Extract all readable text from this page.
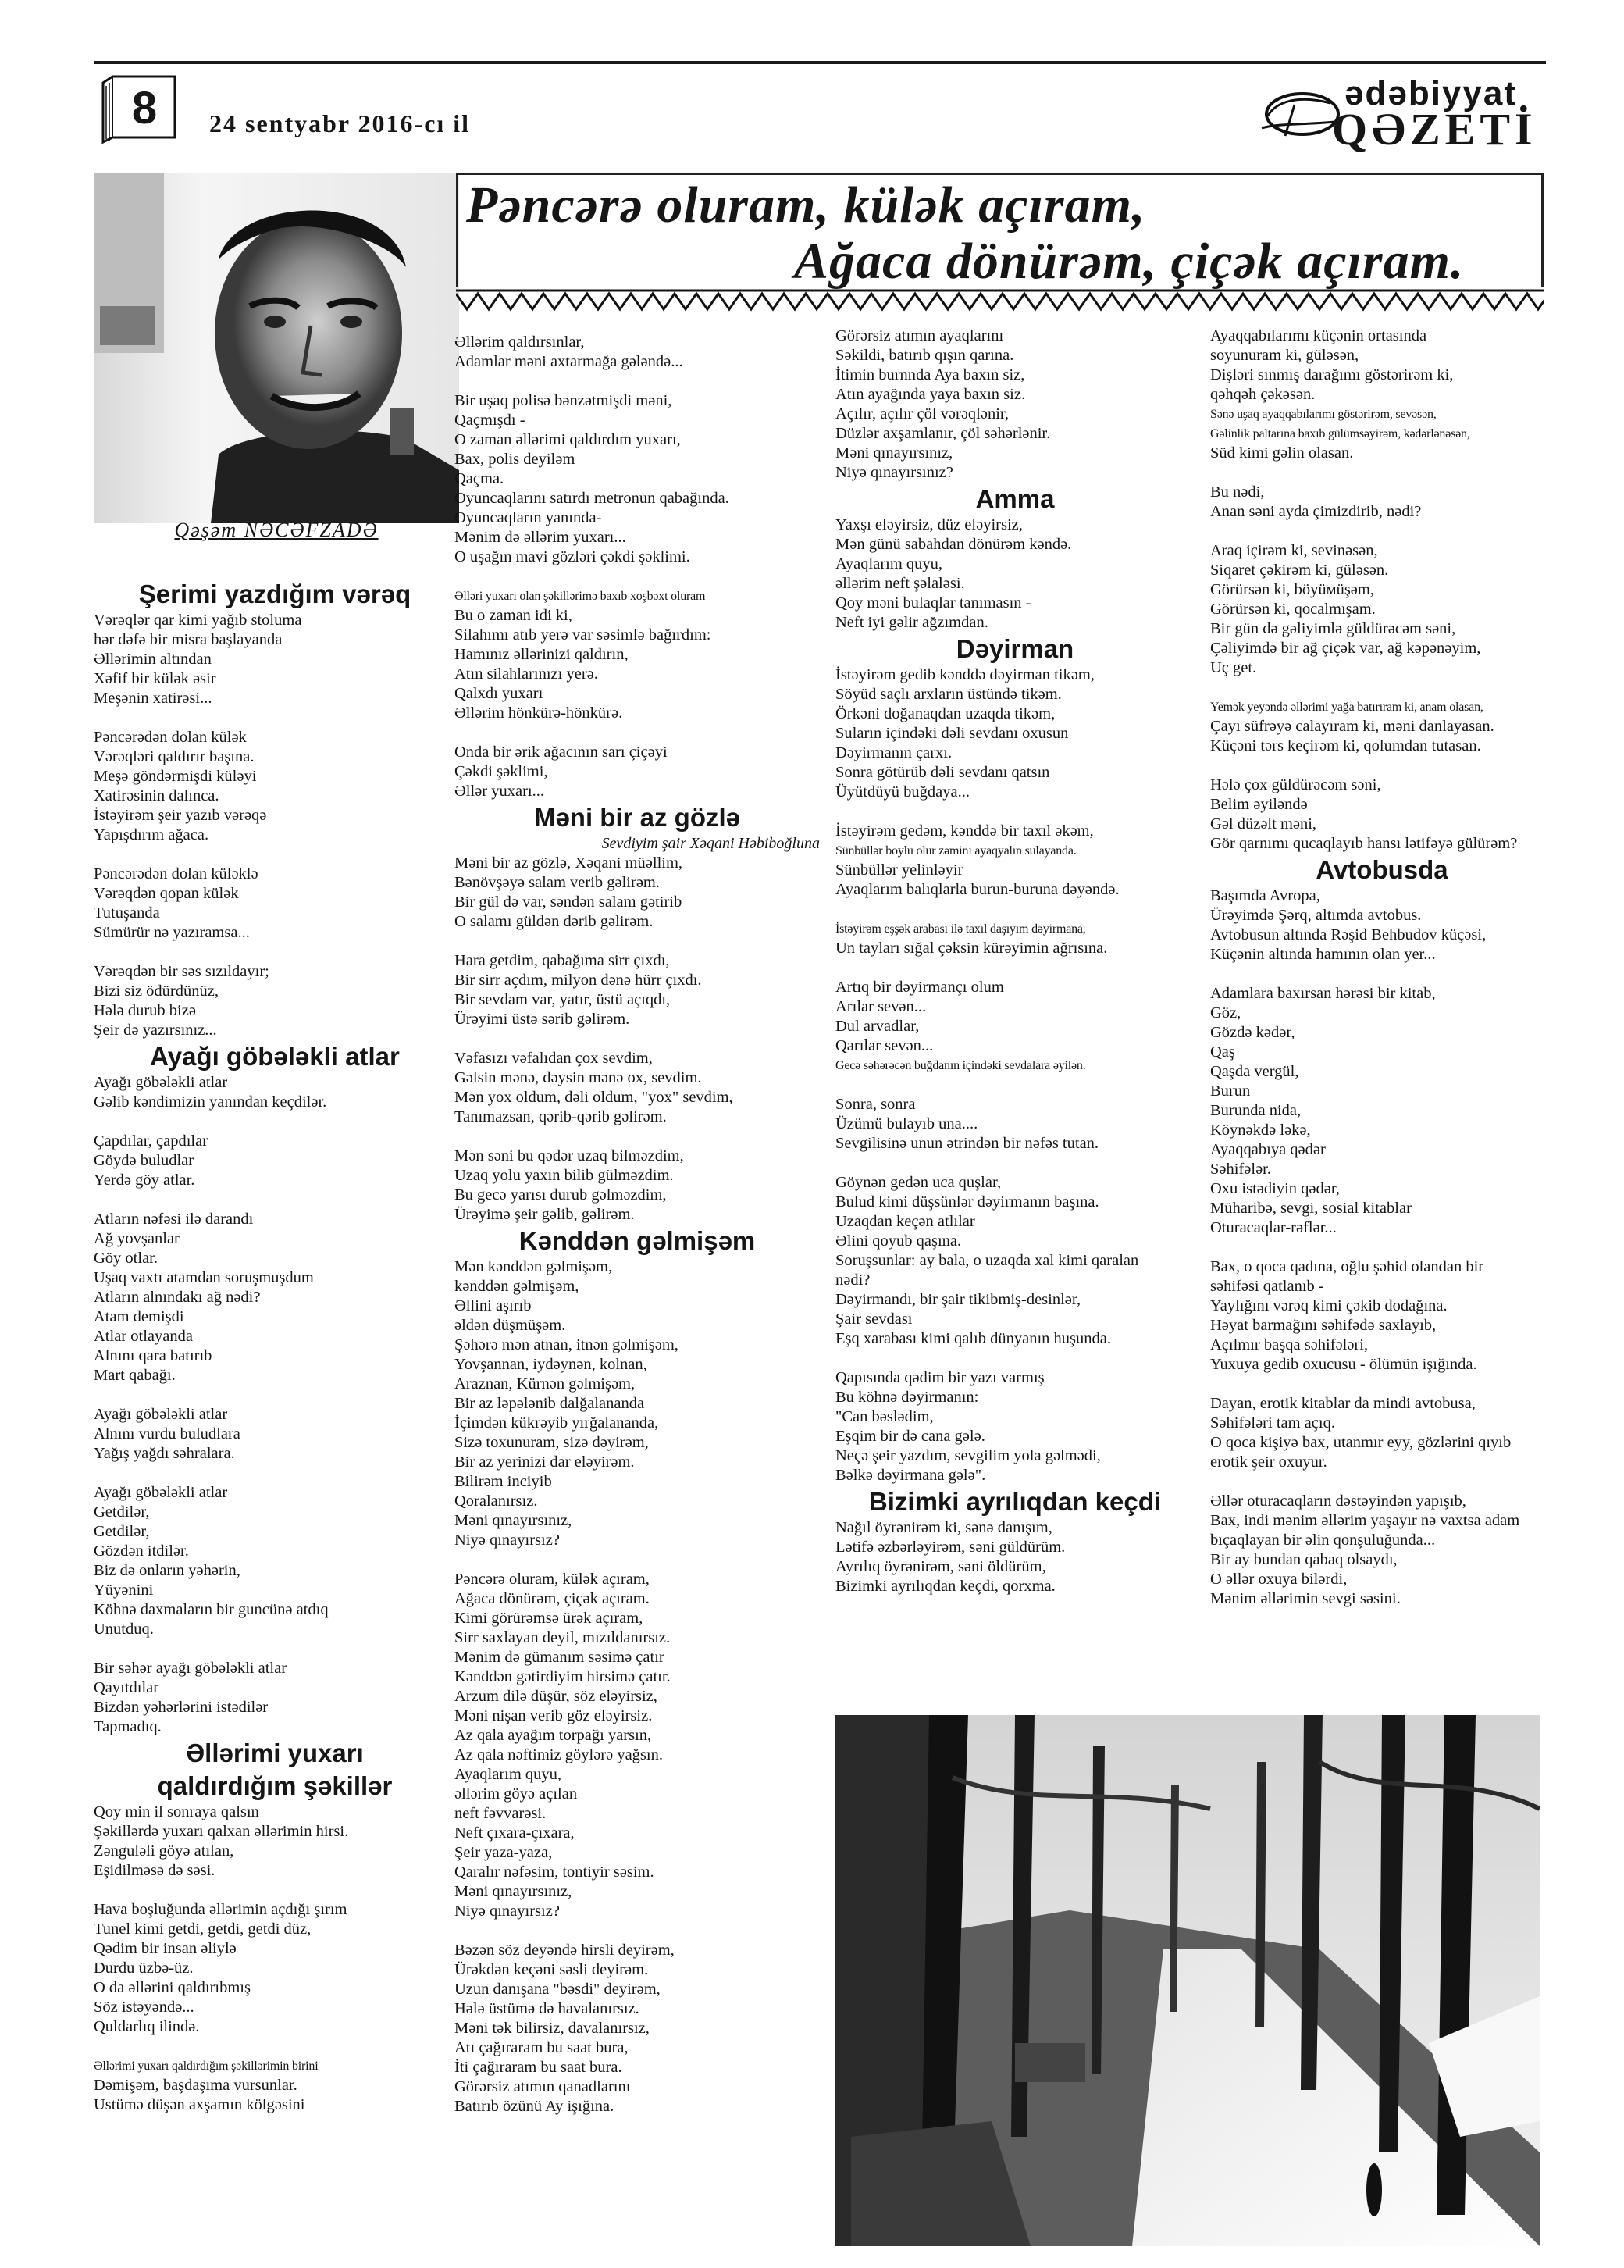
8	24 sentyabr 2016-cı il
ədəbiyyat
QƏZETİ
Qəşəm NƏCƏFZADƏ
Pəncərə oluram, külək açıram,
Ağaca dönürəm, çiçək açıram.
Şerimi yazdığım vərəq
Vərəqlər qar kimi yağıb stoluma
hər dəfə bir misra başlayanda
Əllərimin altından
Xəfif bir külək əsir
Meşənin xatirəsi...
Pəncərədən dolan külək
Vərəqləri qaldırır başına.
Meşə göndərmişdi küləyi
Xatirəsinin dalınca.
İstəyirəm şeir yazıb vərəqə
Yapışdırım ağaca.
Pəncərədən dolan küləklə
Vərəqdən qopan külək
Tutuşanda
Sümürür nə yazıramsa...
Vərəqdən bir səs sızıldayır;
Bizi siz ödürdünüz,
Hələ durub bizə
Şeir də yazırsınız...
Ayağı göbələkli atlar
Ayağı göbələkli atlar
Gəlib kəndimizin yanından keçdilər.
Çapdılar, çapdılar
Göydə buludlar
Yerdə göy atlar.
Atların nəfəsi ilə darandı
Ağ yovşanlar
Göy otlar.
Uşaq vaxtı atamdan soruşmuşdum
Atların alnındakı ağ nədi?
Atam demişdi
Atlar otlayanda
Alnını qara batırıb
Mart qabağı.
Ayağı göbələkli atlar
Alnını vurdu buludlara
Yağış yağdı səhralara.
Ayağı göbələkli atlar
Getdilər,
Getdilər,
Gözdən itdilər.
Biz də onların yəhərin,
Yüyənini
Köhnə daxmaların bir guncünə atdıq
Unutduq.
Bir səhər ayağı göbələkli atlar
Qayıtdılar
Bizdən yəhərlərini istədilər
Tapmadıq.
Əllərimi yuxarı
qaldırdığım şəkillər
Qoy min il sonraya qalsın
Şəkillərdə yuxarı qalxan əllərimin hirsi.
Zənguləli göyə atılan,
Eşidilməsə də səsi.
Hava boşluğunda əllərimin açdığı şırım
Tunel kimi getdi, getdi, getdi düz,
Qədim bir insan əliylə
Durdu üzbə-üz.
O da əllərini qaldırıbmış
Söz istəyəndə...
Quldarlıq ilində.
Əllərimi yuxarı qaldırdığım şəkillərimin birini
Dəmişəm, başdaşıma vursunlar.
Ustümə düşən axşamın kölgəsini
Əllərim qaldırsınlar,
Adamlar məni axtarmağa gələndə...
Bir uşaq polisə bənzətmişdi məni,
Qaçmışdı -
O zaman əllərimi qaldırdım yuxarı,
Bax, polis deyiləm
Qaçma.
Oyuncaqlarını satırdı metronun qabağında.
Oyuncaqların yanında-
Mənim də əllərim yuxarı...
O uşağın mavi gözləri çəkdi şəklimi.
Əlləri yuxarı olan şəkillərimə baxıb xoşbəxt oluram
Bu o zaman idi ki,
Silahımı atıb yerə var səsimlə bağırdım:
Hamınız əllərinizi qaldırın,
Atın silahlarınızı yerə.
Qalxdı yuxarı
Əllərim hönkürə-hönkürə.
Onda bir ərik ağacının sarı çiçəyi
Çəkdi şəklimi,
Əllər yuxarı...
Məni bir az gözlə
Sevdiyim şair Xəqani Həbiboğluna
Məni bir az gözlə, Xəqani müəllim,
Bənövşəyə salam verib gəlirəm.
Bir gül də var, səndən salam gətirib
O salamı güldən dərib gəlirəm.
Hara getdim, qabağıma sirr çıxdı,
Bir sirr açdım, milyon dənə hürr çıxdı.
Bir sevdam var, yatır, üstü açıqdı,
Ürəyimi üstə sərib gəlirəm.
Vəfasızı vəfalıdan çox sevdim,
Gəlsin mənə, dəysin mənə ox, sevdim.
Mən yox oldum, dəli oldum, "yox" sevdim,
Tanımazsan, qərib-qərib gəlirəm.
Mən səni bu qədər uzaq bilməzdim,
Uzaq yolu yaxın bilib gülməzdim.
Bu gecə yarısı durub gəlməzdim,
Ürəyimə şeir gəlib, gəlirəm.
Kənddən gəlmişəm
Mən kənddən gəlmişəm,
kənddən gəlmişəm,
Əllini aşırıb
əldən düşmüşəm.
Şəhərə mən atnan, itnən gəlmişəm,
Yovşannan, iydəynən, kolnan,
Araznan, Kürnən gəlmişəm,
Bir az ləpələnib dalğalananda
İçimdən kükrəyib yırğalananda,
Sizə toxunuram, sizə dəyirəm,
Bir az yerinizi dar eləyirəm.
Bilirəm inciyib
Qoralanırsız.
Məni qınayırsınız,
Niyə qınayırsız?
Pəncərə oluram, külək açıram,
Ağaca dönürəm, çiçək açıram.
Kimi görürəmsə ürək açıram,
Sirr saxlayan deyil, mızıldanırsız.
Mənim də gümanım səsimə çatır
Kənddən gətirdiyim hirsimə çatır.
Arzum dilə düşür, söz eləyirsiz,
Məni nişan verib göz eləyirsiz.
Az qala ayağım torpağı yarsın,
Az qala nəftimiz göylərə yağsın.
Ayaqlarım quyu,
əllərim göyə açılan
neft fəvvarəsi.
Neft çıxara-çıxara,
Şeir yaza-yaza,
Qaralır nəfəsim, tontiyir səsim.
Məni qınayırsınız,
Niyə qınayırsız?
Bəzən söz deyəndə hirsli deyirəm,
Ürəkdən keçəni səsli deyirəm.
Uzun danışana "bəsdi" deyirəm,
Hələ üstümə də havalanırsız.
Məni tək bilirsiz, davalanırsız,
Atı çağıraram bu saat bura,
İti çağıraram bu saat bura.
Görərsiz atımın qanadlarını
Batırıb özünü Ay işığına.
Görərsiz atımın ayaqlarını
Səkildi, batırıb qışın qarına.
İtimin burnnda Aya baxın siz,
Atın ayağında yaya baxın siz.
Açılır, açılır çöl vərəqlənir,
Düzlər axşamlanır, çöl səhərlənir.
Məni qınayırsınız,
Niyə qınayırsınız?
Amma
Yaxşı eləyirsiz, düz eləyirsiz,
Mən günü sabahdan dönürəm kəndə.
Ayaqlarım quyu,
əllərim neft şəlaləsi.
Qoy məni bulaqlar tanımasın -
Neft iyi gəlir ağzımdan.
Dəyirman
İstəyirəm gedib kənddə dəyirman tikəm,
Söyüd saçlı arxların üstündə tikəm.
Örkəni doğanaqdan uzaqda tikəm,
Suların içindəki dəli sevdanı oxusun
Dəyirmanın çarxı.
Sonra götürüb dəli sevdanı qatsın
Üyütdüyü buğdaya...
İstəyirəm gedəm, kənddə bir taxıl əkəm,
Sünbüllər boylu olur zəmini ayaqyalın sulayanda.
Sünbüllər yelinləyir
Ayaqlarım balıqlarla burun-buruna dəyəndə.
İstəyirəm eşşək arabası ilə taxıl daşıyım dəyirmana,
Un tayları sığal çəksin kürəyimin ağrısına.
Artıq bir dəyirmançı olum
Arılar sevən...
Dul arvadlar,
Qarılar sevən...
Gecə səhərəcən buğdanın içindəki sevdalara əyilən.
Sonra, sonra
Üzümü bulayıb una....
Sevgilisinə unun ətrindən bir nəfəs tutan.
Göynən gedən uca quşlar,
Bulud kimi düşsünlər dəyirmanın başına.
Uzaqdan keçən atlılar
Əlini qoyub qaşına.
Soruşsunlar: ay bala, o uzaqda xal kimi qaralan
nədi?
Dəyirmandı, bir şair tikibmiş-desinlər,
Şair sevdası
Eşq xarabası kimi qalıb dünyanın huşunda.
Qapısında qədim bir yazı varmış
Bu köhnə dəyirmanın:
"Can bəslədim,
Eşqim bir də cana gələ.
Neçə şeir yazdım, sevgilim yola gəlmədi,
Bəlkə dəyirmana gələ".
Bizimki ayrılıqdan keçdi
Nağıl öyrənirəm ki, sənə danışım,
Lətifə əzbərləyirəm, səni güldürüm.
Ayrılıq öyrənirəm, səni öldürüm,
Bizimki ayrılıqdan keçdi, qorxma.
Ayaqqabılarımı küçənin ortasında
soyunuram ki, güləsən,
Dişləri sınmış darağımı göstərirəm ki,
qəhqəh çəkəsən.
Sənə uşaq ayaqqabılarımı göstərirəm, sevəsən,
Gəlinlik paltarına baxıb gülümsəyirəm, kədərlənəsən,
Süd kimi gəlin olasan.
Bu nədi,
Anan səni ayda çimizdirib, nədi?
Araq içirəm ki, sevinəsən,
Siqaret çəkirəm ki, güləsən.
Görürsən ki, böyüмüşəm,
Görürsən ki, qocalmışam.
Bir gün də gəliyimlə güldürəcəm səni,
Çəliyimdə bir ağ çiçək var, ağ kəpənəyim,
Uç get.
Yemək yeyəndə əllərimi yağa batırıram ki, anam olasan,
Çayı süfrəyə calayıram ki, məni danlayasan.
Küçəni tərs keçirəm ki, qolumdan tutasan.
Hələ çox güldürəcəm səni,
Belim əyiləndə
Gəl düzəlt məni,
Gör qarnımı qucaqlayıb hansı lətifəyə gülürəm?
Avtobusda
Başımda Avropa,
Ürəyimdə Şərq, altımda avtobus.
Avtobusun altında Rəşid Behbudov küçəsi,
Küçənin altında hamının olan yer...
Adamlara baxırsan hərəsi bir kitab,
Göz,
Gözdə kədər,
Qaş
Qaşda vergül,
Burun
Burunda nida,
Köynəkdə ləkə,
Ayaqqabıya qədər
Səhifələr.
Oxu istədiyin qədər,
Müharibə, sevgi, sosial kitablar
Oturacaqlar-rəflər...
Bax, o qoca qadına, oğlu şəhid olandan bir
səhifəsi qatlanıb -
Yaylığını vərəq kimi çəkib dodağına.
Həyat barmağını səhifədə saxlayıb,
Açılmır başqa səhifələri,
Yuxuya gedib oxucusu - ölümün işığında.
Dayan, erotik kitablar da mindi avtobusa,
Səhifələri tam açıq.
O qoca kişiyə bax, utanmır eyy, gözlərini qıyıb
erotik şeir oxuyur.
Əllər oturacaqların dəstəyindən yapışıb,
Bax, indi mənim əllərim yaşayır nə vaxtsa adam
bıçaqlayan bir əlin qonşuluğunda...
Bir ay bundan qabaq olsaydı,
O əllər oxuya bilərdi,
Mənim əllərimin sevgi səsini.
